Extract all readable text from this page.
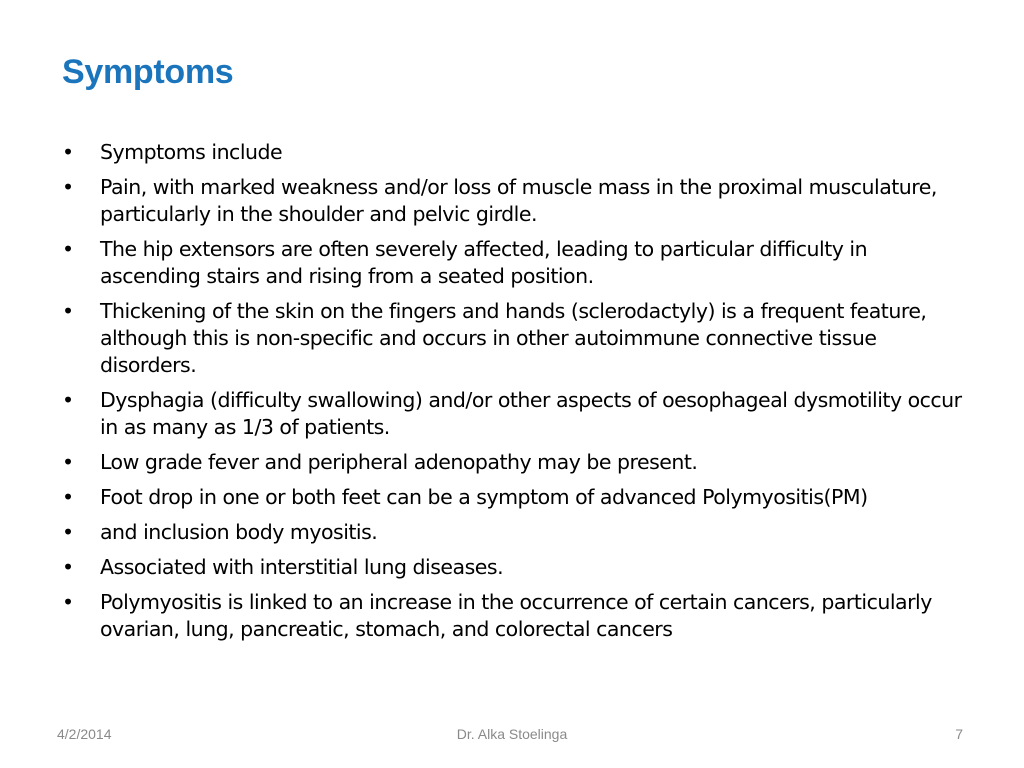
Symptoms
•	Symptoms include
•	Pain, with marked weakness and/or loss of muscle mass in the proximal musculature, particularly in the shoulder and pelvic girdle.
•	The hip extensors are often severely affected, leading to particular difficulty in ascending stairs and rising from a seated position.
•	Thickening of the skin on the fingers and hands (sclerodactyly) is a frequent feature, although this is non-specific and occurs in other autoimmune connective tissue disorders.
•	Dysphagia (difficulty swallowing) and/or other aspects of oesophageal dysmotility occur in as many as 1/3 of patients.
•	Low grade fever and peripheral adenopathy may be present.
•	Foot drop in one or both feet can be a symptom of advanced Polymyositis(PM)
•	and inclusion body myositis.
•	Associated with interstitial lung diseases.
•	Polymyositis is linked to an increase in the occurrence of certain cancers, particularly ovarian, lung, pancreatic, stomach, and colorectal cancers
4/2/2014	Dr. Alka Stoelinga	7
